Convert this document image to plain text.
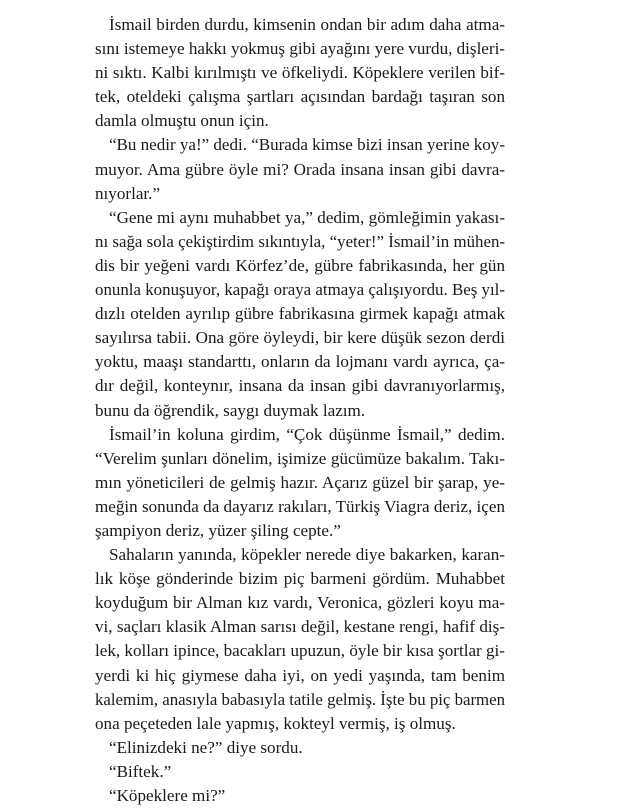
İsmail birden durdu, kimsenin ondan bir adım daha atma-
sını istemeye hakkı yokmuş gibi ayağını yere vurdu, dişleri-
ni sıktı. Kalbi kırılmıştı ve öfkeliydi. Köpeklere verilen bif-
tek, oteldeki çalışma şartları açısından bardağı taşıran son
damla olmuştu onun için.
“Bu nedir ya!” dedi. “Burada kimse bizi insan yerine koy-
muyor. Ama gübre öyle mi? Orada insana insan gibi davra-
nıyorlar.”
“Gene mi aynı muhabbet ya,” dedim, gömleğimin yakası-
nı sağa sola çekiştirdim sıkıntıyla, “yeter!” İsmail’in mühen-
dis bir yeğeni vardı Körfez’de, gübre fabrikasında, her gün
onunla konuşuyor, kapağı oraya atmaya çalışıyordu. Beş yıl-
dızlı otelden ayrılıp gübre fabrikasına girmek kapağı atmak
sayılırsa tabii. Ona göre öyleydi, bir kere düşük sezon derdi
yoktu, maaşı standarttı, onların da lojmanı vardı ayrıca, ça-
dır değil, konteynır, insana da insan gibi davranıyorlarmış,
bunu da öğrendik, saygı duymak lazım.
İsmail’in koluna girdim, “Çok düşünme İsmail,” dedim.
“Verelim şunları dönelim, işimize gücümüze bakalım. Takı-
mın yöneticileri de gelmiş hazır. Açarız güzel bir şarap, ye-
meğin sonunda da dayarız rakıları, Türkiş Viagra deriz, içen
şampiyon deriz, yüzer şiling cepte.”
Sahaların yanında, köpekler nerede diye bakarken, karan-
lık köşe gönderinde bizim piç barmeni gördüm. Muhabbet
koyduğum bir Alman kız vardı, Veronica, gözleri koyu ma-
vi, saçları klasik Alman sarısı değil, kestane rengi, hafif diş-
lek, kolları ipince, bacakları upuzun, öyle bir kısa şortlar gi-
yerdi ki hiç giymese daha iyi, on yedi yaşında, tam benim
kalemim, anasıyla babasıyla tatile gelmiş. İşte bu piç barmen
ona peçeteden lale yapmış, kokteyl vermiş, iş olmuş.
“Elinizdeki ne?” diye sordu.
“Biftek.”
“Köpeklere mi?”
